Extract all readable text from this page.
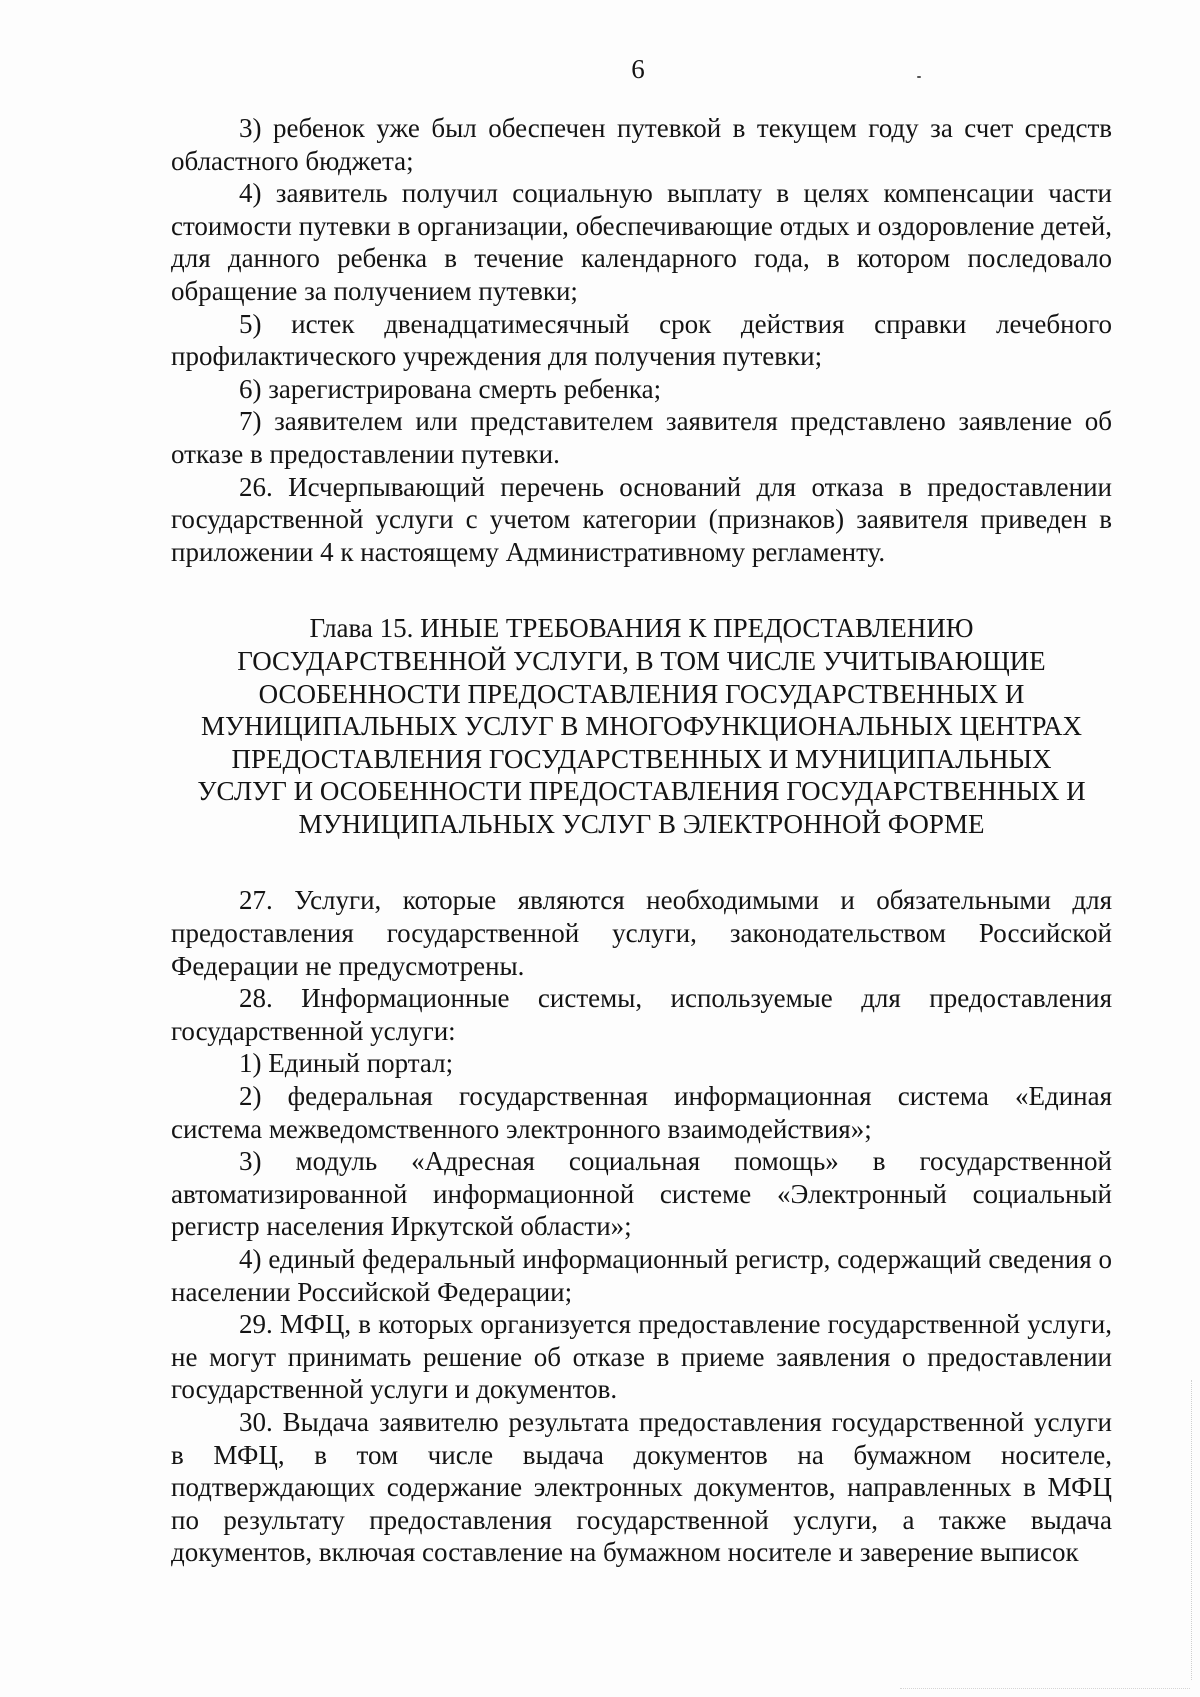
6

3) ребенок уже был обеспечен путевкой в текущем году за счет средств областного бюджета;

4) заявитель получил социальную выплату в целях компенсации части стоимости путевки в организации, обеспечивающие отдых и оздоровление детей, для данного ребенка в течение календарного года, в котором последовало обращение за получением путевки;

5) истек двенадцатимесячный срок действия справки лечебного профилактического учреждения для получения путевки;

6) зарегистрирована смерть ребенка;

7) заявителем или представителем заявителя представлено заявление об отказе в предоставлении путевки.

26. Исчерпывающий перечень оснований для отказа в предоставлении государственной услуги с учетом категории (признаков) заявителя приведен в приложении 4 к настоящему Административному регламенту.

Глава 15. ИНЫЕ ТРЕБОВАНИЯ К ПРЕДОСТАВЛЕНИЮ

ГОСУДАРСТВЕННОЙ УСЛУГИ, В ТОМ ЧИСЛЕ УЧИТЫВАЮЩИЕ

ОСОБЕННОСТИ ПРЕДОСТАВЛЕНИЯ ГОСУДАРСТВЕННЫХ И

МУНИЦИПАЛЬНЫХ УСЛУГ В МНОГОФУНКЦИОНАЛЬНЫХ ЦЕНТРАХ

ПРЕДОСТАВЛЕНИЯ ГОСУДАРСТВЕННЫХ И МУНИЦИПАЛЬНЫХ

УСЛУГ И ОСОБЕННОСТИ ПРЕДОСТАВЛЕНИЯ ГОСУДАРСТВЕННЫХ И

МУНИЦИПАЛЬНЫХ УСЛУГ В ЭЛЕКТРОННОЙ ФОРМЕ

27. Услуги, которые являются необходимыми и обязательными для предоставления государственной услуги, законодательством Российской Федерации не предусмотрены.

28. Информационные системы, используемые для предоставления государственной услуги:

1) Единый портал;

2) федеральная государственная информационная система «Единая система межведомственного электронного взаимодействия»;

3) модуль «Адресная социальная помощь» в государственной автоматизированной информационной системе «Электронный социальный регистр населения Иркутской области»;

4) единый федеральный информационный регистр, содержащий сведения о населении Российской Федерации;

29. МФЦ, в которых организуется предоставление государственной услуги, не могут принимать решение об отказе в приеме заявления о предоставлении государственной услуги и документов.

30. Выдача заявителю результата предоставления государственной услуги в МФЦ, в том числе выдача документов на бумажном носителе, подтверждающих содержание электронных документов, направленных в МФЦ по результату предоставления государственной услуги, а также выдача документов, включая составление на бумажном носителе и заверение выписок
